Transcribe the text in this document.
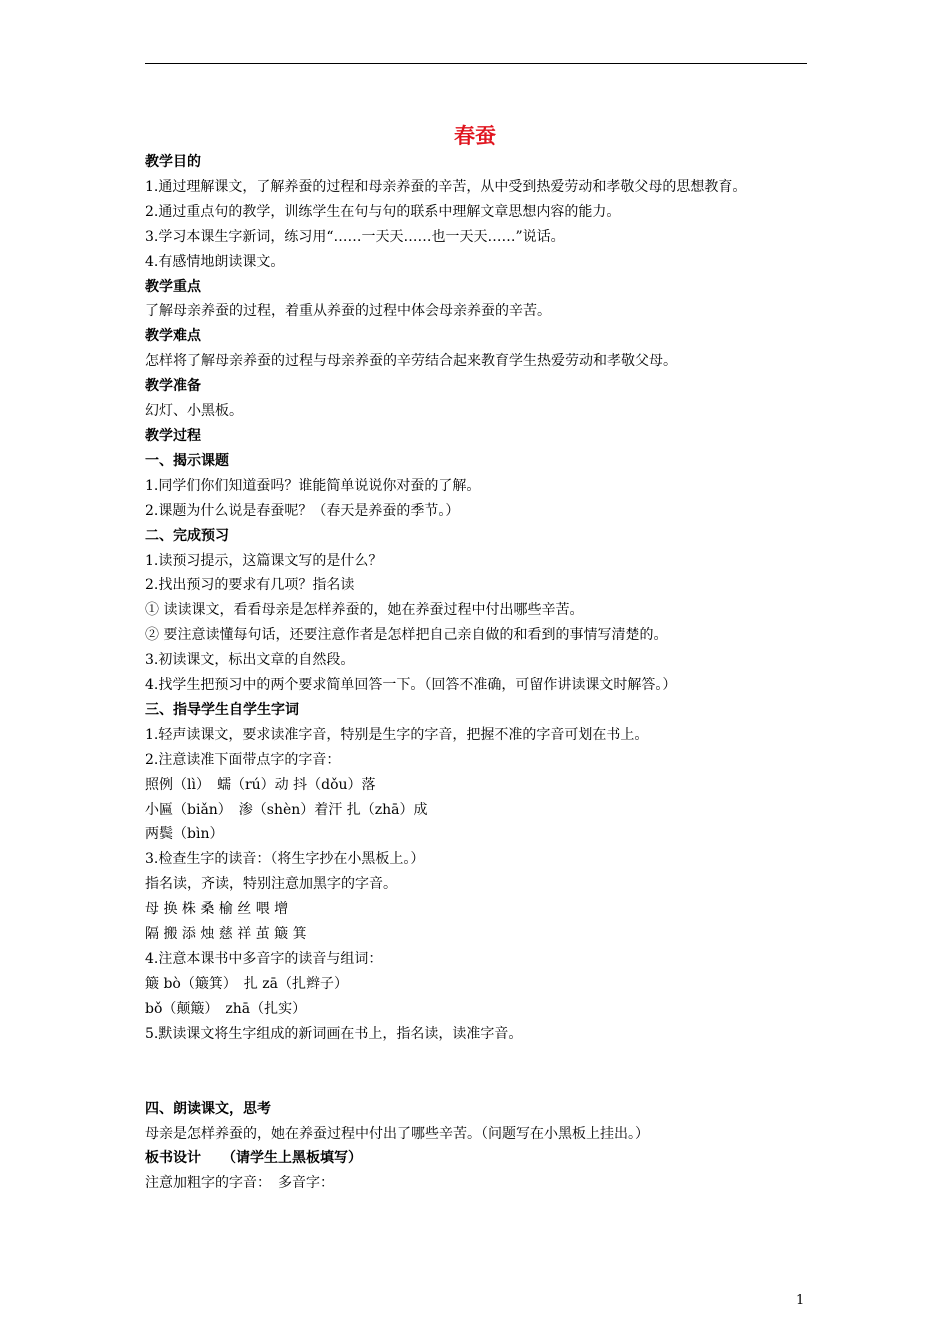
春蚕
教学目的
1.通过理解课文，了解养蚕的过程和母亲养蚕的辛苦，从中受到热爱劳动和孝敬父母的思想教育。
2.通过重点句的教学，训练学生在句与句的联系中理解文章思想内容的能力。
3.学习本课生字新词，练习用“……一天天……也一天天……”说话。
4.有感情地朗读课文。
教学重点
了解母亲养蚕的过程，着重从养蚕的过程中体会母亲养蚕的辛苦。
教学难点
怎样将了解母亲养蚕的过程与母亲养蚕的辛劳结合起来教育学生热爱劳动和孝敬父母。
教学准备
幻灯、小黑板。
教学过程
一、揭示课题
1.同学们你们知道蚕吗？谁能简单说说你对蚕的了解。
2.课题为什么说是春蚕呢？（春天是养蚕的季节。）
二、完成预习
1.读预习提示，这篇课文写的是什么？
2.找出预习的要求有几项？指名读
① 读读课文，看看母亲是怎样养蚕的，她在养蚕过程中付出哪些辛苦。
② 要注意读懂每句话，还要注意作者是怎样把自己亲自做的和看到的事情写清楚的。
3.初读课文，标出文章的自然段。
4.找学生把预习中的两个要求简单回答一下。（回答不准确，可留作讲读课文时解答。）
三、指导学生自学生字词
1.轻声读课文，要求读准字音，特别是生字的字音，把握不准的字音可划在书上。
2.注意读准下面带点字的字音：
照例（lì）　蠕（rú）动 抖（dǒu）落
小匾（biǎn）　渗（shèn）着汗 扎（zhā）成
两鬓（bìn）
3.检查生字的读音：（将生字抄在小黑板上。）
指名读，齐读，特别注意加黑字的字音。
母 换 株 桑 榆 丝 喂 增
隔 搬 添 烛 慈 祥 茧 簸 箕
4.注意本课书中多音字的读音与组词：
簸 bò（簸箕）　扎 zā（扎辫子）
bǒ（颠簸）　zhā（扎实）
5.默读课文将生字组成的新词画在书上，指名读，读准字音。
四、朗读课文，思考
母亲是怎样养蚕的，她在养蚕过程中付出了哪些辛苦。（问题写在小黑板上挂出。）
板书设计　　（请学生上黑板填写）
注意加粗字的字音：　多音字：
1
